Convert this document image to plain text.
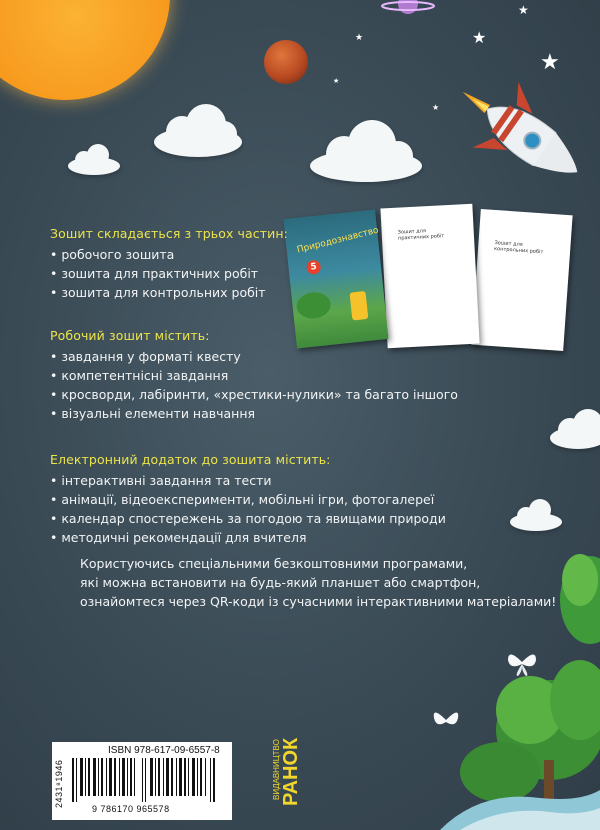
★
★
★
★
★
★
Зошит для контрольних робіт
Зошит для практичних робіт
Природознавство
5

Зошит складається з трьох частин:

• робочого зошита

• зошита для практичних робіт

• зошита для контрольних робіт

Робочий зошит містить:

• завдання у форматі квесту

• компетентнісні завдання

• кросворди, лабіринти, «хрестики-нулики» та багато іншого

• візуальні елементи навчання

Електронний додаток до зошита містить:

• інтерактивні завдання та тести

• анімації, відеоексперименти, мобільні ігри, фотогалереї

• календар спостережень за погодою та явищами природи

• методичні рекомендації для вчителя

Користуючись спеціальними безкоштовними програмами,
які можна встановити на будь-який планшет або смартфон,
ознайомтеся через QR-коди із сучасними інтерактивними матеріалами!
ISBN 978-617-09-6557-8
2431⁸1946
9 786170 965578
ВИДАВНИЦТВО РАНОК
